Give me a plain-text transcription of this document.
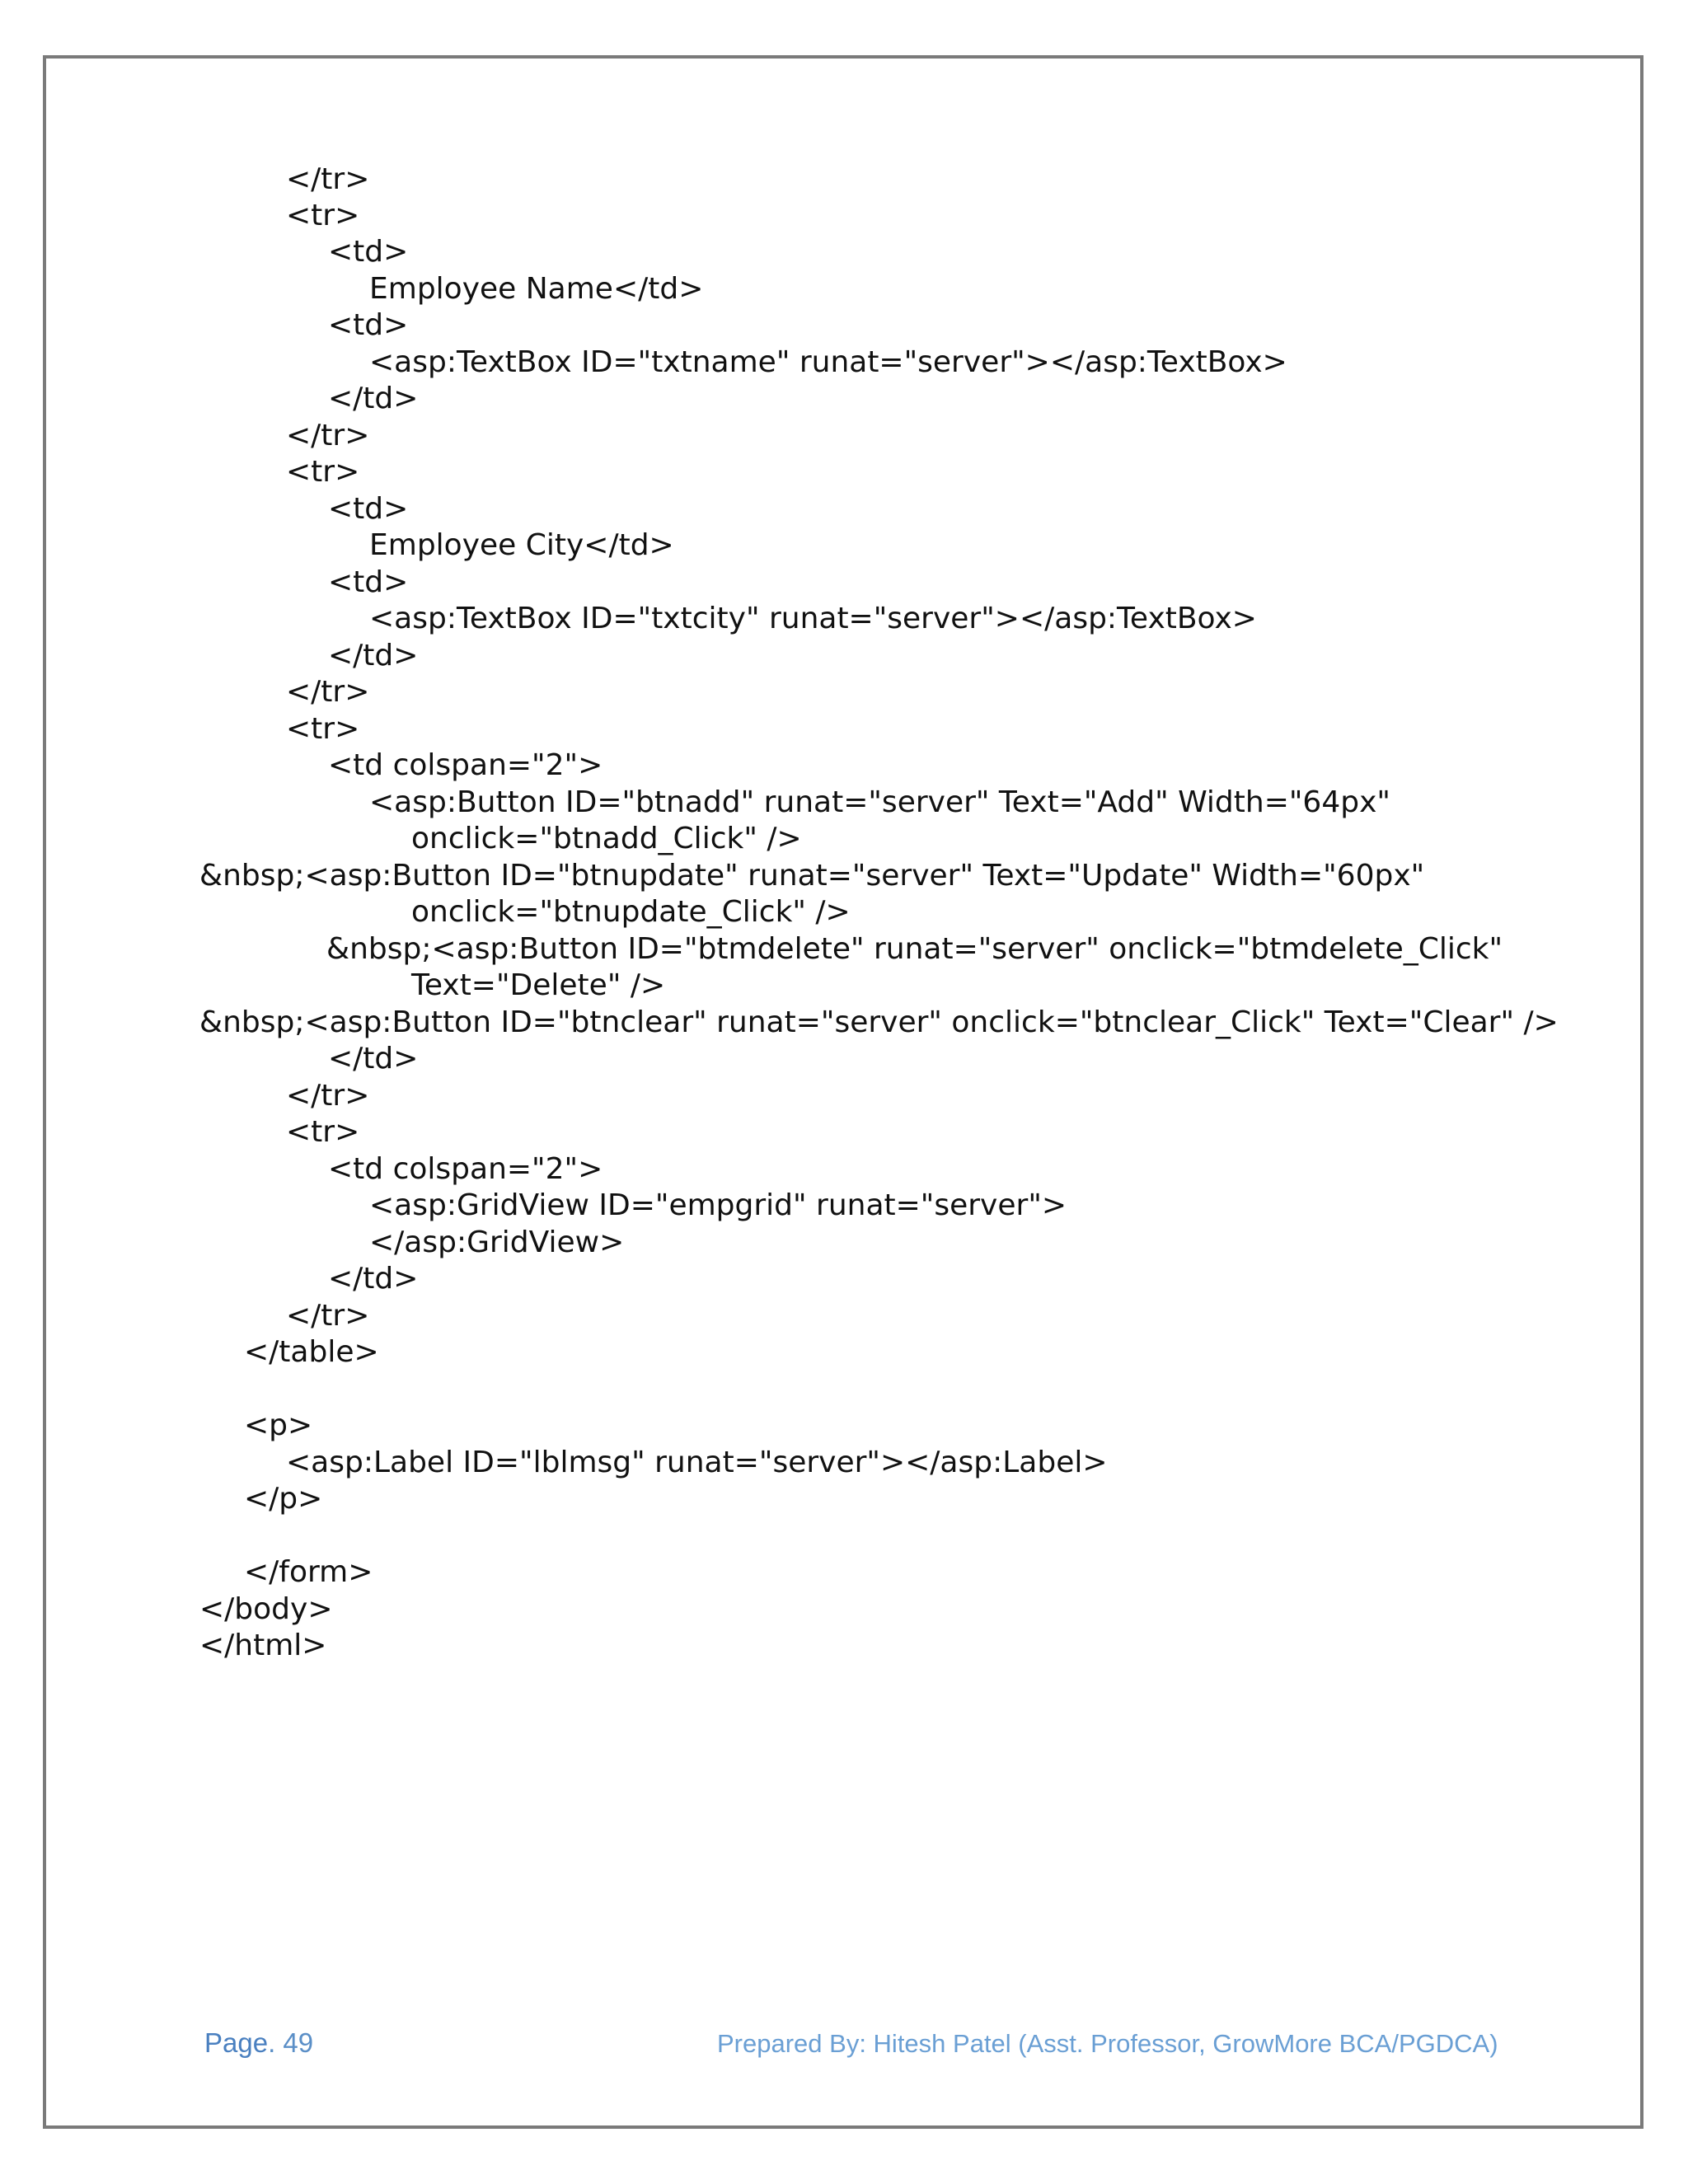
</tr>
<tr>
<td>
Employee Name</td>
<td>
<asp:TextBox ID="txtname" runat="server"></asp:TextBox>
</td>
</tr>
<tr>
<td>
Employee City</td>
<td>
<asp:TextBox ID="txtcity" runat="server"></asp:TextBox>
</td>
</tr>
<tr>
<td colspan="2">
<asp:Button ID="btnadd" runat="server" Text="Add" Width="64px"
onclick="btnadd_Click" />
&nbsp;<asp:Button ID="btnupdate" runat="server" Text="Update" Width="60px"
onclick="btnupdate_Click" />
&nbsp;<asp:Button ID="btmdelete" runat="server" onclick="btmdelete_Click"
Text="Delete" />
&nbsp;<asp:Button ID="btnclear" runat="server" onclick="btnclear_Click" Text="Clear" />
</td>
</tr>
<tr>
<td colspan="2">
<asp:GridView ID="empgrid" runat="server">
</asp:GridView>
</td>
</tr>
</table>
<p>
<asp:Label ID="lblmsg" runat="server"></asp:Label>
</p>
</form>
</body>
</html>
Page. 49	Prepared By: Hitesh Patel (Asst. Professor, GrowMore BCA/PGDCA)
